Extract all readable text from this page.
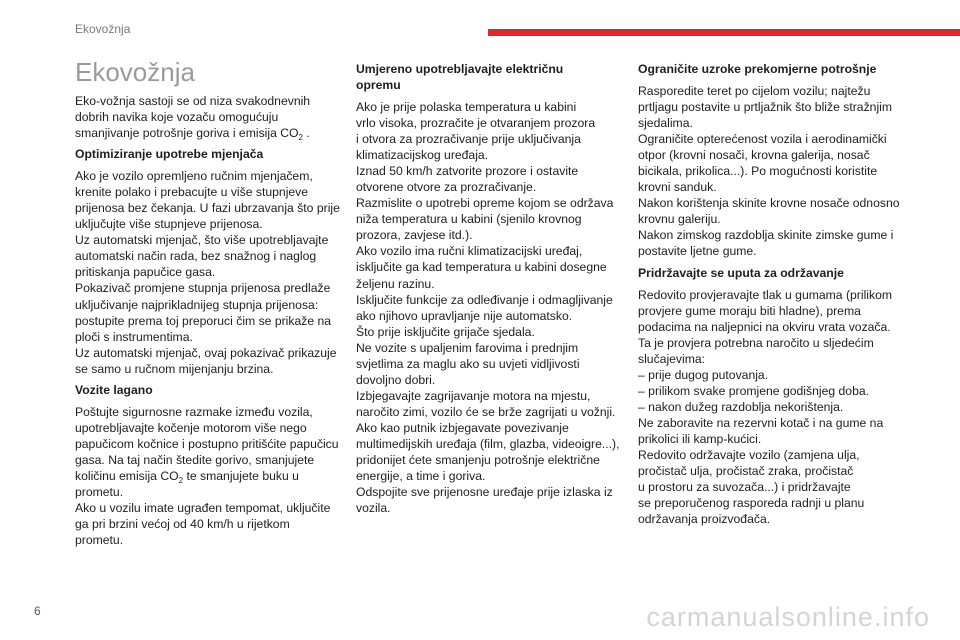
Ekovožnja
Ekovožnja

Eko-vožnja sastoji se od niza svakodnevnih
dobrih navika koje vozaču omogućuju
smanjivanje potrošnje goriva i emisija $CO_2$ .

Optimiziranje upotrebe mjenjača

Ako je vozilo opremljeno ručnim mjenjačem,
krenite polako i prebacujte u više stupnjeve
prijenosa bez čekanja. U fazi ubrzavanja što prije
uključujte više stupnjeve prijenosa.
Uz automatski mjenjač, što više upotrebljavajte
automatski način rada, bez snažnog i naglog
pritiskanja papučice gasa.
Pokazivač promjene stupnja prijenosa predlaže
uključivanje najprikladnijeg stupnja prijenosa:
postupite prema toj preporuci čim se prikaže na
ploči s instrumentima.
Uz automatski mjenjač, ovaj pokazivač prikazuje
se samo u ručnom mijenjanju brzina.

Vozite lagano

Poštujte sigurnosne razmake između vozila,
upotrebljavajte kočenje motorom više nego
papučicom kočnice i postupno pritišćite papučicu
gasa. Na taj način štedite gorivo, smanjujete
količinu emisija $CO_2$ te smanjujete buku u
prometu.
Ako u vozilu imate ugrađen tempomat, uključite
ga pri brzini većoj od 40 km/h u rijetkom
prometu.

Umjereno upotrebljavajte električnu
opremu

Ako je prije polaska temperatura u kabini
vrlo visoka, prozračite je otvaranjem prozora
i otvora za prozračivanje prije uključivanja
klimatizacijskog uređaja.
Iznad 50 km/h zatvorite prozore i ostavite
otvorene otvore za prozračivanje.
Razmislite o upotrebi opreme kojom se održava
niža temperatura u kabini (sjenilo krovnog
prozora, zavjese itd.).
Ako vozilo ima ručni klimatizacijski uređaj,
isključite ga kad temperatura u kabini dosegne
željenu razinu.
Isključite funkcije za odleđivanje i odmagljivanje
ako njihovo upravljanje nije automatsko.
Što prije isključite grijače sjedala.
Ne vozite s upaljenim farovima i prednjim
svjetlima za maglu ako su uvjeti vidljivosti
dovoljno dobri.
Izbjegavajte zagrijavanje motora na mjestu,
naročito zimi, vozilo će se brže zagrijati u vožnji.
Ako kao putnik izbjegavate povezivanje
multimedijskih uređaja (film, glazba, videoigre...),
pridonijet ćete smanjenju potrošnje električne
energije, a time i goriva.
Odspojite sve prijenosne uređaje prije izlaska iz
vozila.

Ograničite uzroke prekomjerne potrošnje

Rasporedite teret po cijelom vozilu; najtežu
prtljagu postavite u prtljažnik što bliže stražnjim
sjedalima.
Ograničite opterećenost vozila i aerodinamički
otpor (krovni nosači, krovna galerija, nosač
bicikala, prikolica...). Po mogućnosti koristite
krovni sanduk.
Nakon korištenja skinite krovne nosače odnosno
krovnu galeriju.
Nakon zimskog razdoblja skinite zimske gume i
postavite ljetne gume.

Pridržavajte se uputa za održavanje

Redovito provjeravajte tlak u gumama (prilikom
provjere gume moraju biti hladne), prema
podacima na naljepnici na okviru vrata vozača.
Ta je provjera potrebna naročito u sljedećim
slučajevima:
– prije dugog putovanja.
– prilikom svake promjene godišnjeg doba.
– nakon dužeg razdoblja nekorištenja.
Ne zaboravite na rezervni kotač i na gume na
prikolici ili kamp-kućici.
Redovito održavajte vozilo (zamjena ulja,
pročistač ulja, pročistač zraka, pročistač
u prostoru za suvozača...) i pridržavajte
se preporučenog rasporeda radnji u planu
održavanja proizvođača.

6	carmanualsonline.info
